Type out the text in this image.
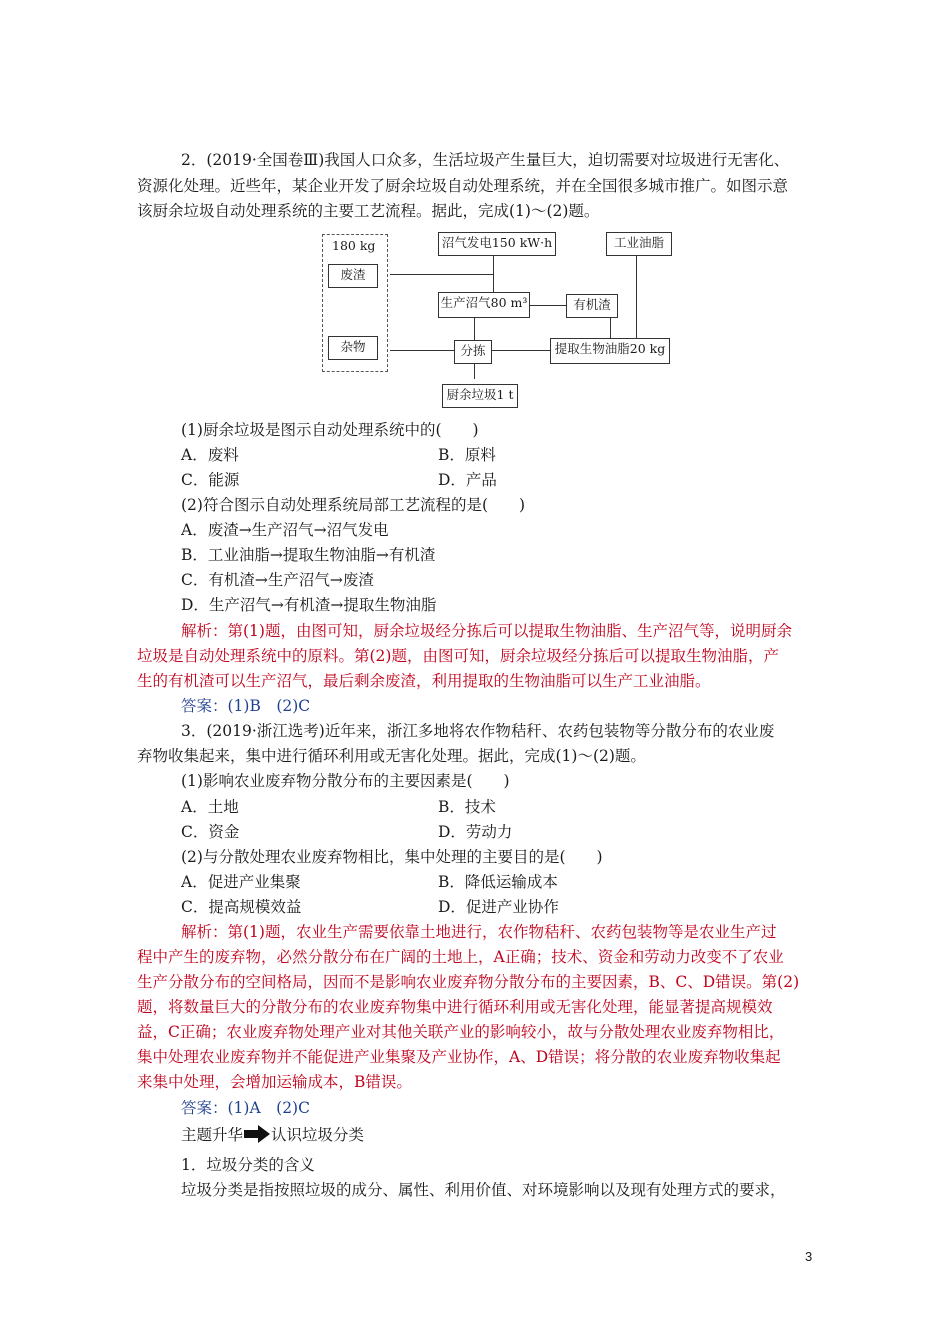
2．(2019·全国卷Ⅲ)我国人口众多，生活垃圾产生量巨大，迫切需要对垃圾进行无害化、
资源化处理。近些年，某企业开发了厨余垃圾自动处理系统，并在全国很多城市推广。如图示意
该厨余垃圾自动处理系统的主要工艺流程。据此，完成(1)～(2)题。
180 kg
废渣
杂物
沼气发电150 kW·h
生产沼气80 m³
分拣
厨余垃圾1 t
工业油脂
有机渣
提取生物油脂20 kg
(1)厨余垃圾是图示自动处理系统中的(　　)
A．废料	B．原料
C．能源	D．产品
(2)符合图示自动处理系统局部工艺流程的是(　　)
A．废渣→生产沼气→沼气发电
B．工业油脂→提取生物油脂→有机渣
C．有机渣→生产沼气→废渣
D．生产沼气→有机渣→提取生物油脂
解析：第(1)题，由图可知，厨余垃圾经分拣后可以提取生物油脂、生产沼气等，说明厨余
垃圾是自动处理系统中的原料。第(2)题，由图可知，厨余垃圾经分拣后可以提取生物油脂，产
生的有机渣可以生产沼气，最后剩余废渣，利用提取的生物油脂可以生产工业油脂。
答案：(1)B　(2)C
3．(2019·浙江选考)近年来，浙江多地将农作物秸秆、农药包装物等分散分布的农业废
弃物收集起来，集中进行循环利用或无害化处理。据此，完成(1)～(2)题。
(1)影响农业废弃物分散分布的主要因素是(　　)
A．土地	B．技术
C．资金	D．劳动力
(2)与分散处理农业废弃物相比，集中处理的主要目的是(　　)
A．促进产业集聚	B．降低运输成本
C．提高规模效益	D．促进产业协作
解析：第(1)题，农业生产需要依靠土地进行，农作物秸秆、农药包装物等是农业生产过
程中产生的废弃物，必然分散分布在广阔的土地上，A正确；技术、资金和劳动力改变不了农业
生产分散分布的空间格局，因而不是影响农业废弃物分散分布的主要因素，B、C、D错误。第(2)
题，将数量巨大的分散分布的农业废弃物集中进行循环利用或无害化处理，能显著提高规模效
益，C正确；农业废弃物处理产业对其他关联产业的影响较小，故与分散处理农业废弃物相比，
集中处理农业废弃物并不能促进产业集聚及产业协作，A、D错误；将分散的农业废弃物收集起
来集中处理，会增加运输成本，B错误。
答案：(1)A　(2)C
主题升华 认识垃圾分类
1．垃圾分类的含义
垃圾分类是指按照垃圾的成分、属性、利用价值、对环境影响以及现有处理方式的要求，
3
